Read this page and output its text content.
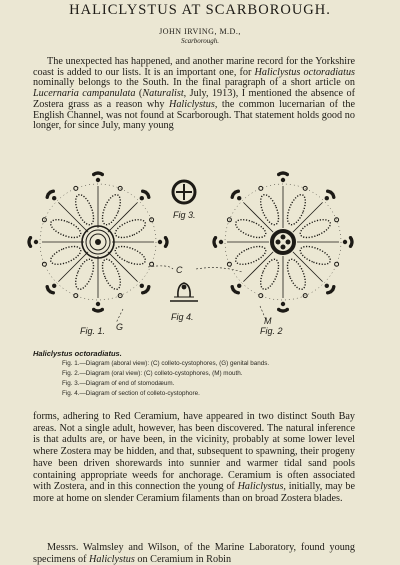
HALICLYSTUS AT SCARBOROUGH.
JOHN IRVING, M.D.,
Scarborough.

The unexpected has happened, and another marine record for the Yorkshire coast is added to our lists. It is an important one, for Haliclystus octoradiatus nominally belongs to the South. In the final paragraph of a short article on Lucernaria campanulata (Naturalist, July, 1913), I mentioned the absence of Zostera grass as a reason why Haliclystus, the common lucernarian of the English Channel, was not found at Scarborough. That statement holds good no longer, for since July, many young

Fig. 1.	Fig. 2
Fig 3.
Fig 4.
C
G
M
Haliclystus octoradiatus.
Fig. 1.—Diagram (aboral view): (C) colleto-cystophores, (G) genital bands.
Fig. 2.—Diagram (oral view): (C) colleto-cystophores, (M) mouth.
Fig. 3.—Diagram of end of stomodæum.
Fig. 4.—Diagram of section of colleto-cystophore.

forms, adhering to Red Ceramium, have appeared in two distinct South Bay areas. Not a single adult, however, has been discovered. The natural inference is that adults are, or have been, in the vicinity, probably at some lower level where Zostera may be hidden, and that, subsequent to spawning, their progeny have been driven shorewards into sunnier and warmer tidal sand pools containing appropriate weeds for anchorage. Ceramium is often associated with Zostera, and in this connection the young of Haliclystus, initially, may be more at home on slender Ceramium filaments than on broad Zostera blades.

Messrs. Walmsley and Wilson, of the Marine Laboratory, found young specimens of Haliclystus on Ceramium in Robin
